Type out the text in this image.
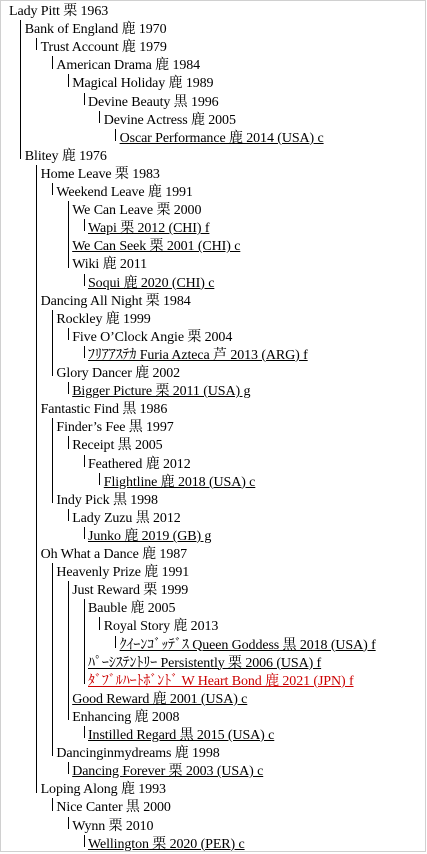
Lady Pitt 栗 1963
Bank of England 鹿 1970
Trust Account 鹿 1979
American Drama 鹿 1984
Magical Holiday 鹿 1989
Devine Beauty 黒 1996
Devine Actress 鹿 2005
Oscar Performance 鹿 2014 (USA) c
Blitey 鹿 1976
Home Leave 栗 1983
Weekend Leave 鹿 1991
We Can Leave 栗 2000
Wapi 栗 2012 (CHI) f
We Can Seek 栗 2001 (CHI) c
Wiki 鹿 2011
Soqui 鹿 2020 (CHI) c
Dancing All Night 栗 1984
Rockley 鹿 1999
Five O’Clock Angie 栗 2004
ﾌﾘｱｱｽﾃｶ Furia Azteca 芦 2013 (ARG) f
Glory Dancer 鹿 2002
Bigger Picture 栗 2011 (USA) g
Fantastic Find 黒 1986
Finder’s Fee 黒 1997
Receipt 黒 2005
Feathered 鹿 2012
Flightline 鹿 2018 (USA) c
Indy Pick 黒 1998
Lady Zuzu 黒 2012
Junko 鹿 2019 (GB) g
Oh What a Dance 鹿 1987
Heavenly Prize 鹿 1991
Just Reward 栗 1999
Bauble 鹿 2005
Royal Story 鹿 2013
ｸｲｰﾝｺﾞｯﾃﾞｽ Queen Goddess 黒 2018 (USA) f
ﾊﾟｰｼｽﾃﾝﾄﾘｰ Persistently 栗 2006 (USA) f
ﾀﾞﾌﾞﾙﾊｰﾄﾎﾞﾝﾄﾞ W Heart Bond 鹿 2021 (JPN) f
Good Reward 鹿 2001 (USA) c
Enhancing 鹿 2008
Instilled Regard 黒 2015 (USA) c
Dancinginmydreams 鹿 1998
Dancing Forever 栗 2003 (USA) c
Loping Along 鹿 1993
Nice Canter 黒 2000
Wynn 栗 2010
Wellington 栗 2020 (PER) c
